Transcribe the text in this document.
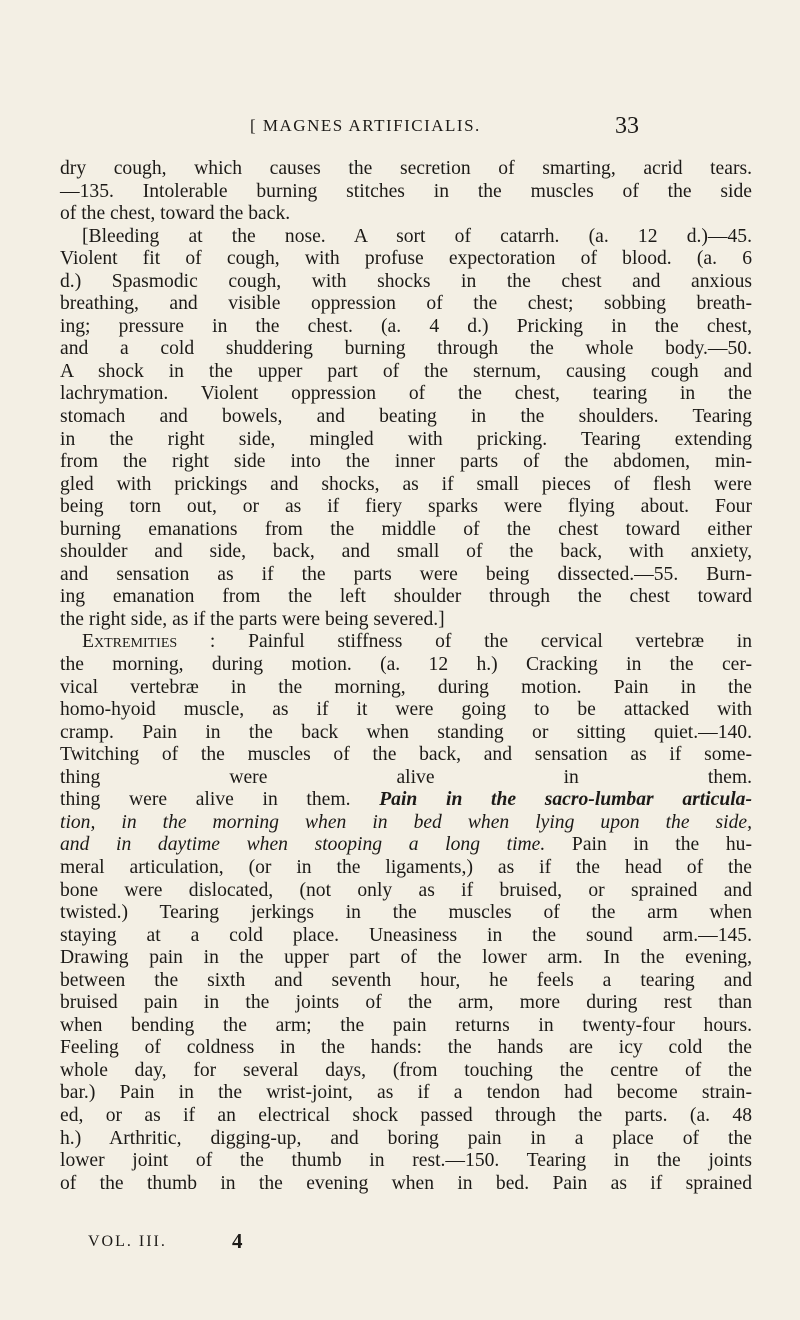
[ MAGNES ARTIFICIALIS.	33
dry cough, which causes the secretion of smarting, acrid tears.
—135. Intolerable burning stitches in the muscles of the side
of the chest, toward the back.
[Bleeding at the nose. A sort of catarrh. (a. 12 d.)—45.
Violent fit of cough, with profuse expectoration of blood. (a. 6
d.) Spasmodic cough, with shocks in the chest and anxious
breathing, and visible oppression of the chest; sobbing breath-
ing; pressure in the chest. (a. 4 d.) Pricking in the chest,
and a cold shuddering burning through the whole body.—50.
A shock in the upper part of the sternum, causing cough and
lachrymation. Violent oppression of the chest, tearing in the
stomach and bowels, and beating in the shoulders. Tearing
in the right side, mingled with pricking. Tearing extending
from the right side into the inner parts of the abdomen, min-
gled with prickings and shocks, as if small pieces of flesh were
being torn out, or as if fiery sparks were flying about. Four
burning emanations from the middle of the chest toward either
shoulder and side, back, and small of the back, with anxiety,
and sensation as if the parts were being dissected.—55. Burn-
ing emanation from the left shoulder through the chest toward
the right side, as if the parts were being severed.]
Extremities : Painful stiffness of the cervical vertebræ in
the morning, during motion. (a. 12 h.) Cracking in the cer-
vical vertebræ in the morning, during motion. Pain in the
homo-hyoid muscle, as if it were going to be attacked with
cramp. Pain in the back when standing or sitting quiet.—140.
Twitching of the muscles of the back, and sensation as if some-
thing were alive in them.
thing were alive in them. Pain in the sacro-lumbar articula-
tion, in the morning when in bed when lying upon the side,
and in daytime when stooping a long time. Pain in the hu-
meral articulation, (or in the ligaments,) as if the head of the
bone were dislocated, (not only as if bruised, or sprained and
twisted.) Tearing jerkings in the muscles of the arm when
staying at a cold place. Uneasiness in the sound arm.—145.
Drawing pain in the upper part of the lower arm. In the evening,
between the sixth and seventh hour, he feels a tearing and
bruised pain in the joints of the arm, more during rest than
when bending the arm; the pain returns in twenty-four hours.
Feeling of coldness in the hands: the hands are icy cold the
whole day, for several days, (from touching the centre of the
bar.) Pain in the wrist-joint, as if a tendon had become strain-
ed, or as if an electrical shock passed through the parts. (a. 48
h.) Arthritic, digging-up, and boring pain in a place of the
lower joint of the thumb in rest.—150. Tearing in the joints
of the thumb in the evening when in bed. Pain as if sprained
VOL. III.	4
